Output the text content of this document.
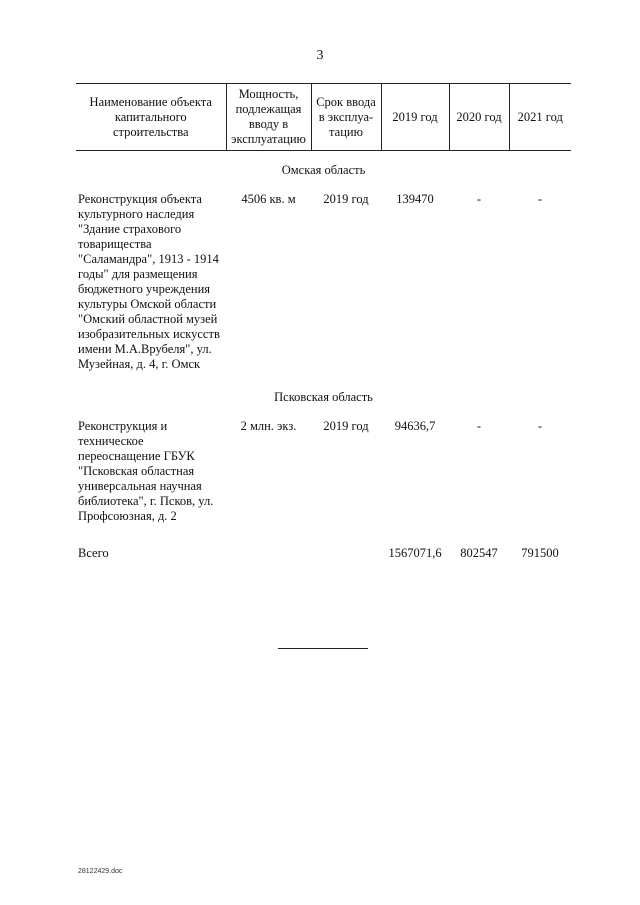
3
Наименование объекта капитального строительства	Мощность, подлежащая вводу в эксплуатацию	Срок ввода в эксплуа-тацию	2019 год	2020 год	2021 год
Омская область					
Реконструкция объекта культурного наследия "Здание страхового товарищества "Саламандра", 1913 - 1914 годы" для размещения бюджетного учреждения культуры Омской области "Омский областной музей изобразительных искусств имени М.А.Врубеля", ул. Музейная, д. 4, г. Омск	4506 кв. м	2019 год	139470	-	-
Псковская область					
Реконструкция и техническое переоснащение ГБУК "Псковская областная универсальная научная библиотека", г. Псков, ул. Профсоюзная, д. 2	2 млн. экз.	2019 год	94636,7	-	-
Всего			1567071,6	802547	791500
28122429.doc
